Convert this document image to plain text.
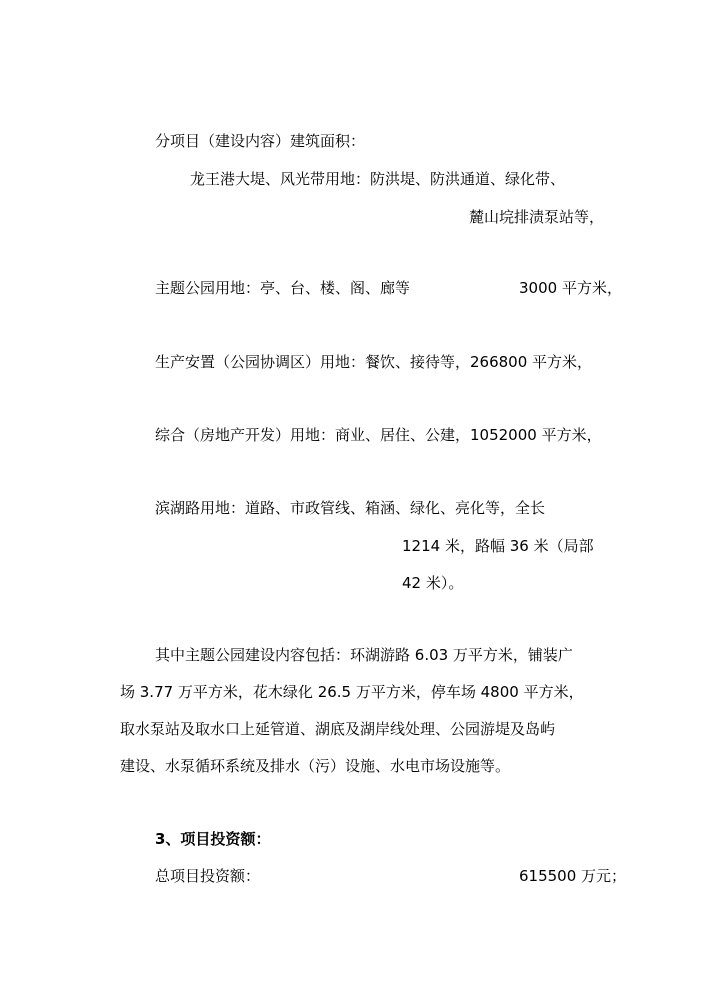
分项目（建设内容）建筑面积：
龙王港大堤、风光带用地：防洪堤、防洪通道、绿化带、
麓山垸排渍泵站等，
主题公园用地：亭、台、楼、阁、廊等	3000 平方米，
生产安置（公园协调区）用地：餐饮、接待等，266800 平方米，
综合（房地产开发）用地：商业、居住、公建，1052000 平方米，
滨湖路用地：道路、市政管线、箱涵、绿化、亮化等，全长
1214 米，路幅 36 米（局部
42 米）。
其中主题公园建设内容包括：环湖游路 6.03 万平方米，铺装广
场 3.77 万平方米，花木绿化 26.5 万平方米，停车场 4800 平方米，
取水泵站及取水口上延管道、湖底及湖岸线处理、公园游堤及岛屿
建设、水泵循环系统及排水（污）设施、水电市场设施等。
3、项目投资额：
总项目投资额：	615500 万元；
